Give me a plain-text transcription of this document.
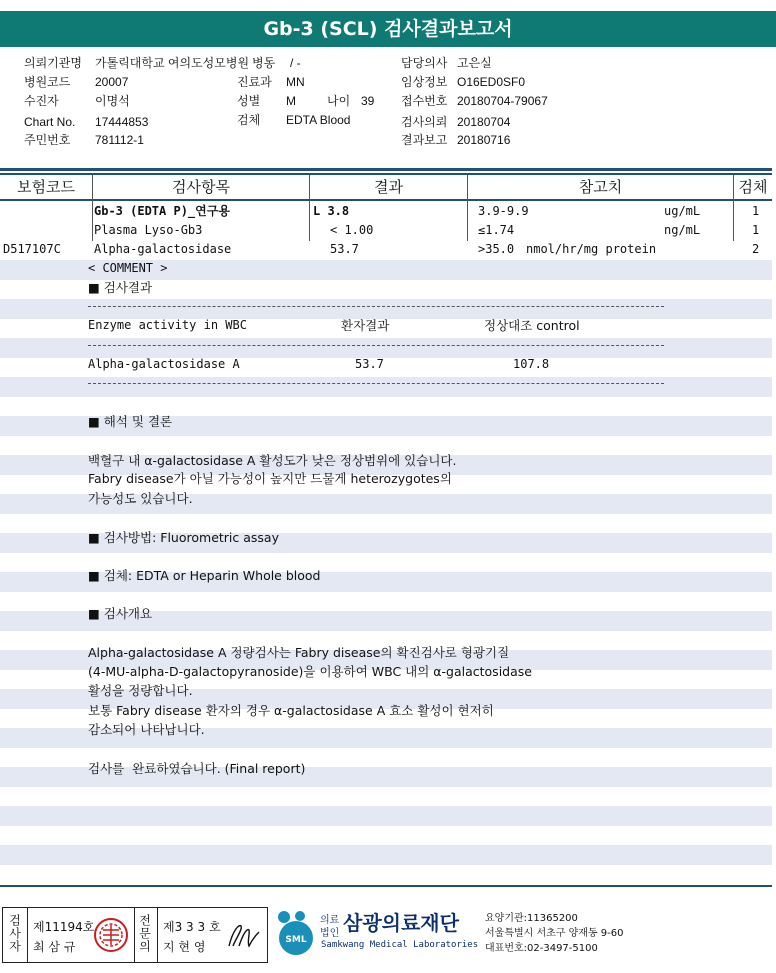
Gb-3 (SCL) 검사결과보고서
의뢰기관명 가톨릭대학교 여의도성모병원 병동 / -
병원코드 20007	진료과 MN
수진자	이명석	성별 M	나이 39
Chart No. 17444853	검체 EDTA Blood
주민번호 781112-1
담당의사 고은실
임상정보 O16ED0SF0
접수번호 20180704-79067
검사의뢰 20180704
결과보고 20180716
보험코드	검사항목	결과	참고치	검체
Gb-3 (EDTA P)_연구용	L 3.8	3.9-9.9	ug/mL	1
Plasma Lyso-Gb3	< 1.00	≤1.74	ng/mL	1
D517107C	Alpha-galactosidase	53.7	>35.0 nmol/hr/mg protein	2
< COMMENT >
■ 검사결과
Enzyme activity in WBC	환자결과	정상대조 control
Alpha-galactosidase A	53.7	107.8
■ 해석 및 결론
백혈구 내 α-galactosidase A 활성도가 낮은 정상범위에 있습니다.
Fabry disease가 아닐 가능성이 높지만 드물게 heterozygotes의
가능성도 있습니다.
■ 검사방법: Fluorometric assay
■ 검체: EDTA or Heparin Whole blood
■ 검사개요
Alpha-galactosidase A 정량검사는 Fabry disease의 확진검사로 형광기질
(4-MU-alpha-D-galactopyranoside)을 이용하여 WBC 내의 α-galactosidase
활성을 정량합니다.
보통 Fabry disease 환자의 경우 α-galactosidase A 효소 활성이 현저히
감소되어 나타납니다.
검사를  완료하였습니다. (Final report)
검사자 제11194호
최 삼 규	전문의 제3 3 3 호
지 현 영	SML
의료
법인 삼광의료재단
Samkwang Medical Laboratories
요양기관:11365200
서울특별시 서초구 양재동 9-60
대표번호:02-3497-5100
